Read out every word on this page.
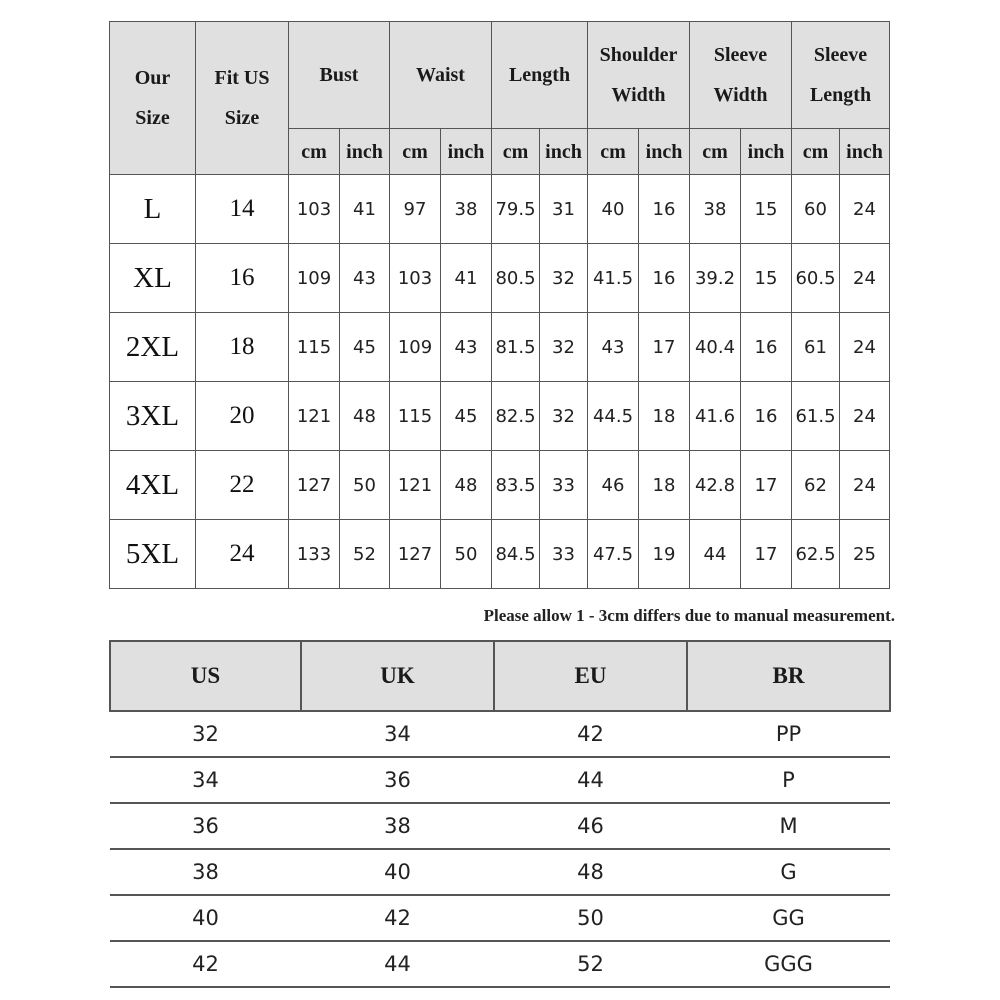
Our Size	Fit US Size	Bust		Waist		Length		Shoulder Width		Sleeve Width		Sleeve Length	
		cm	inch	cm	inch	cm	inch	cm	inch	cm	inch	cm	inch
L	14	103	41	97	38	79.5	31	40	16	38	15	60	24
XL	16	109	43	103	41	80.5	32	41.5	16	39.2	15	60.5	24
2XL	18	115	45	109	43	81.5	32	43	17	40.4	16	61	24
3XL	20	121	48	115	45	82.5	32	44.5	18	41.6	16	61.5	24
4XL	22	127	50	121	48	83.5	33	46	18	42.8	17	62	24
5XL	24	133	52	127	50	84.5	33	47.5	19	44	17	62.5	25
Please allow 1 - 3cm differs due to manual measurement.
US	UK	EU	BR
32	34	42	PP
34	36	44	P
36	38	46	M
38	40	48	G
40	42	50	GG
42	44	52	GGG
